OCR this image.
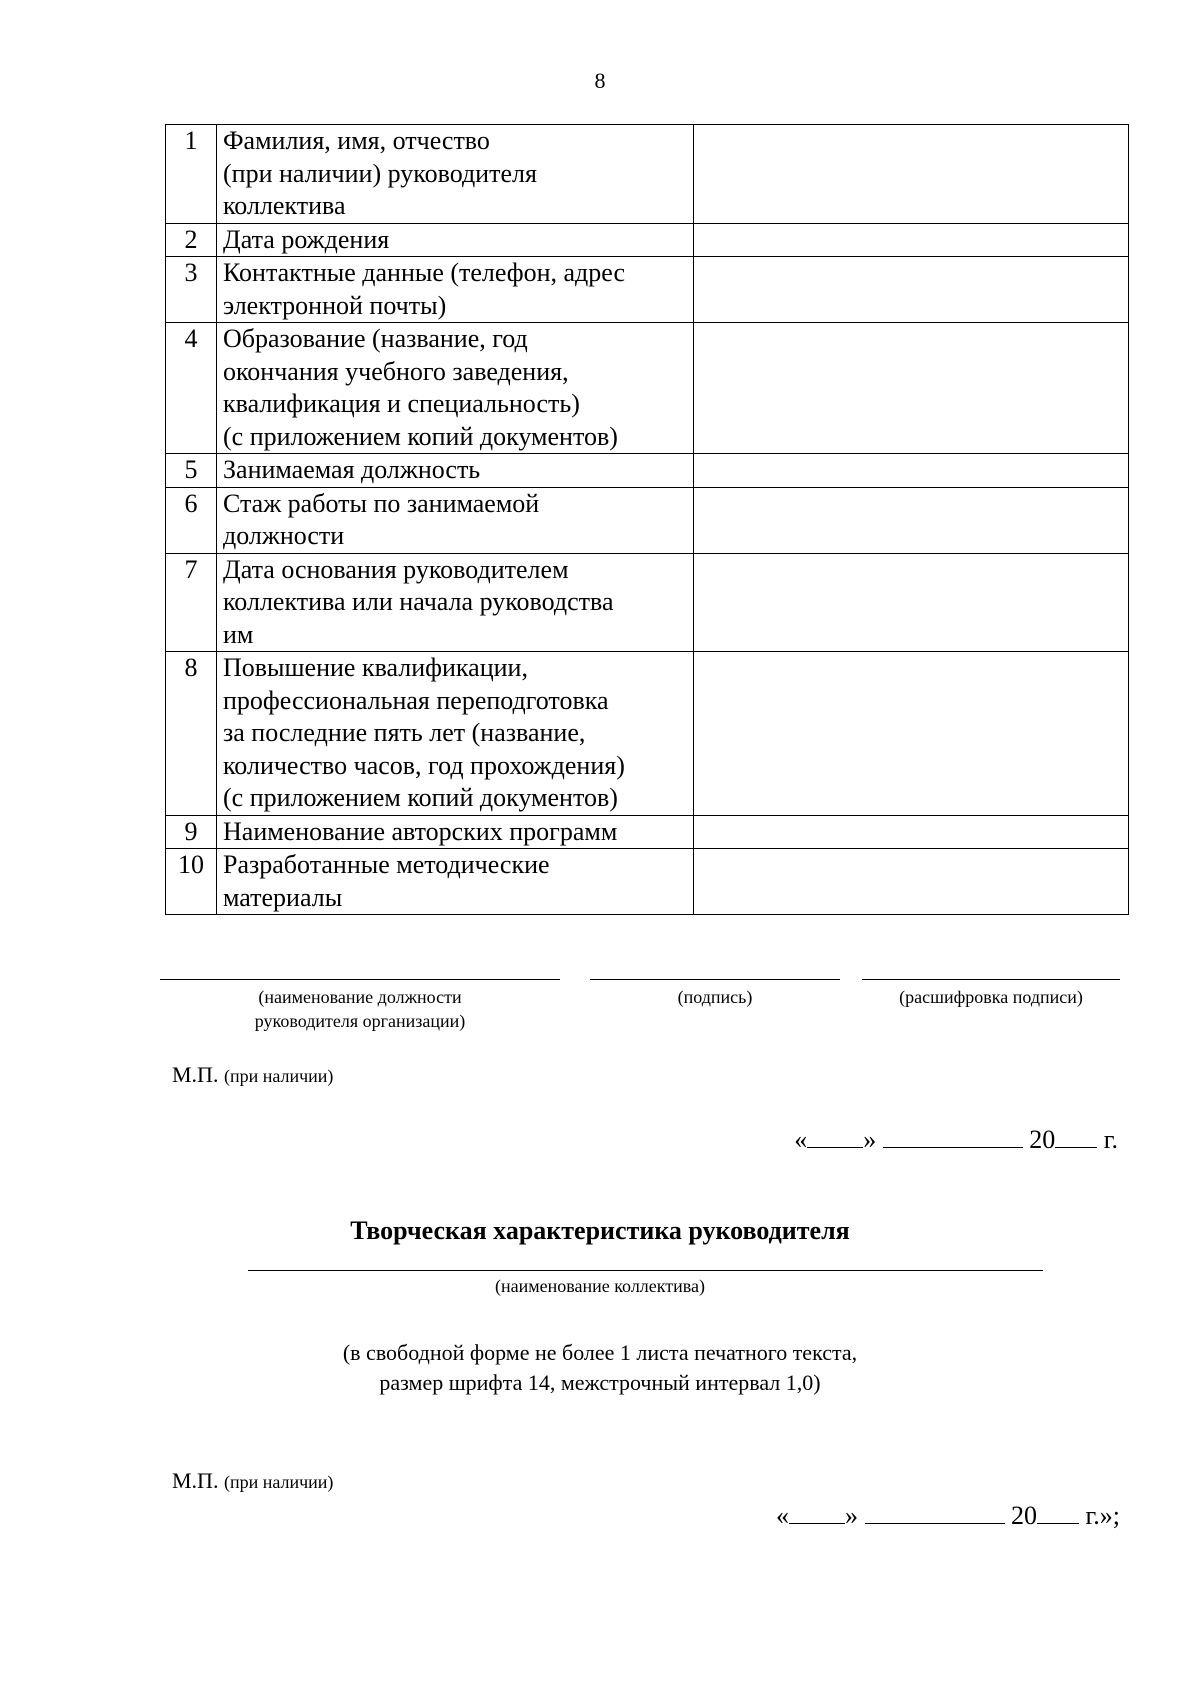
8
1	Фамилия, имя, отчество
(при наличии) руководителя
коллектива	

2	Дата рождения	

3	Контактные данные (телефон, адрес
электронной почты)	

4	Образование (название, год
окончания учебного заведения,
квалификация и специальность)
(с приложением копий документов)	

5	Занимаемая должность	

6	Стаж работы по занимаемой
должности	

7	Дата основания руководителем
коллектива или начала руководства
им	

8	Повышение квалификации,
профессиональная переподготовка
за последние пять лет (название,
количество часов, год прохождения)
(с приложением копий документов)	

9	Наименование авторских программ	

10	Разработанные методические
материалы	

(наименование должности
руководителя организации)
(подпись)	(расшифровка подписи)
М.П. (при наличии)
« »	20 г.
Творческая характеристика руководителя
(наименование коллектива)
(в свободной форме не более 1 листа печатного текста,
размер шрифта 14, межстрочный интервал 1,0)
М.П. (при наличии)
« »	20 г.»;
